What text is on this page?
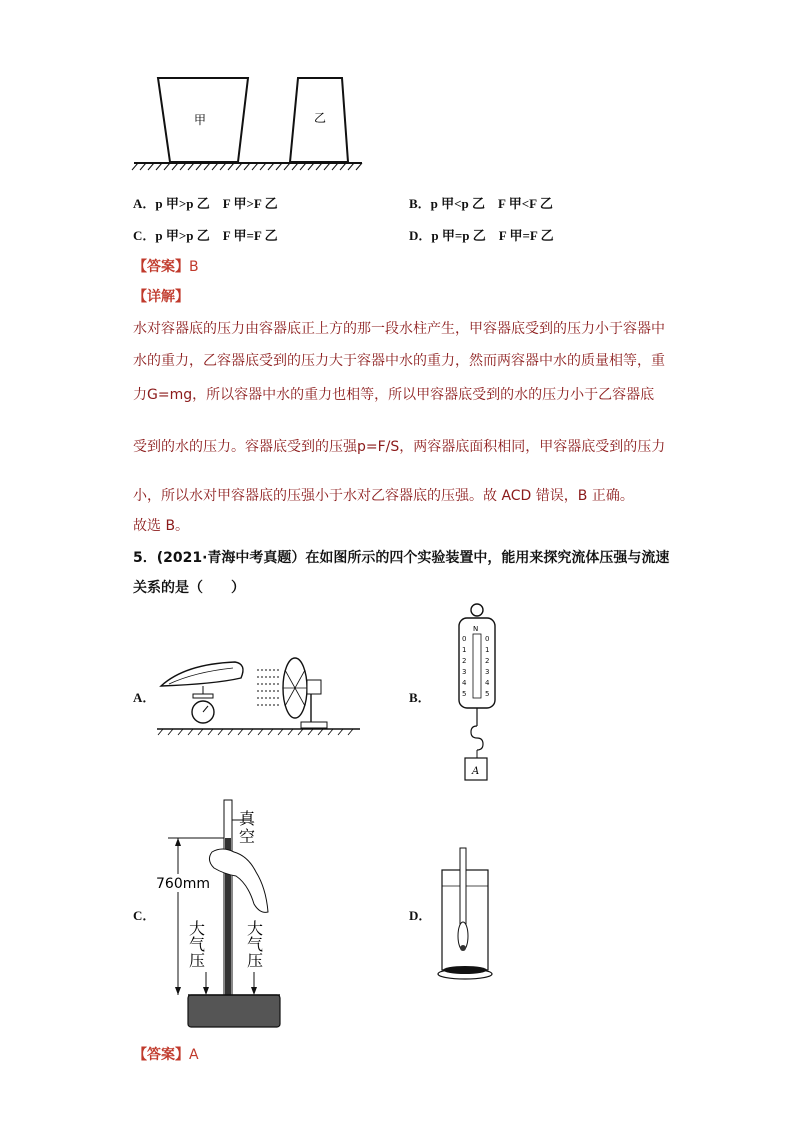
甲	乙
A．p 甲>p 乙　F 甲>F 乙	B．p 甲<p 乙　F 甲<F 乙
C．p 甲>p 乙　F 甲=F 乙	D．p 甲=p 乙　F 甲=F 乙
【答案】B
【详解】
水对容器底的压力由容器底正上方的那一段水柱产生，甲容器底受到的压力小于容器中
水的重力，乙容器底受到的压力大于容器中水的重力，然而两容器中水的质量相等，重
力G=mg，所以容器中水的重力也相等，所以甲容器底受到的水的压力小于乙容器底
受到的水的压力。容器底受到的压强p=F/S，两容器底面积相同，甲容器底受到的压力
小，所以水对甲容器底的压强小于水对乙容器底的压强。故 ACD 错误，B 正确。
故选 B。
5．(2021·青海中考真题）在如图所示的四个实验装置中，能用来探究流体压强与流速
关系的是（　　）
A．	B．
C．	D．
N
0	0
1	1
2	2
3	3
4	4
5	5
A
真空
760mm
大气压 大气压
【答案】A
